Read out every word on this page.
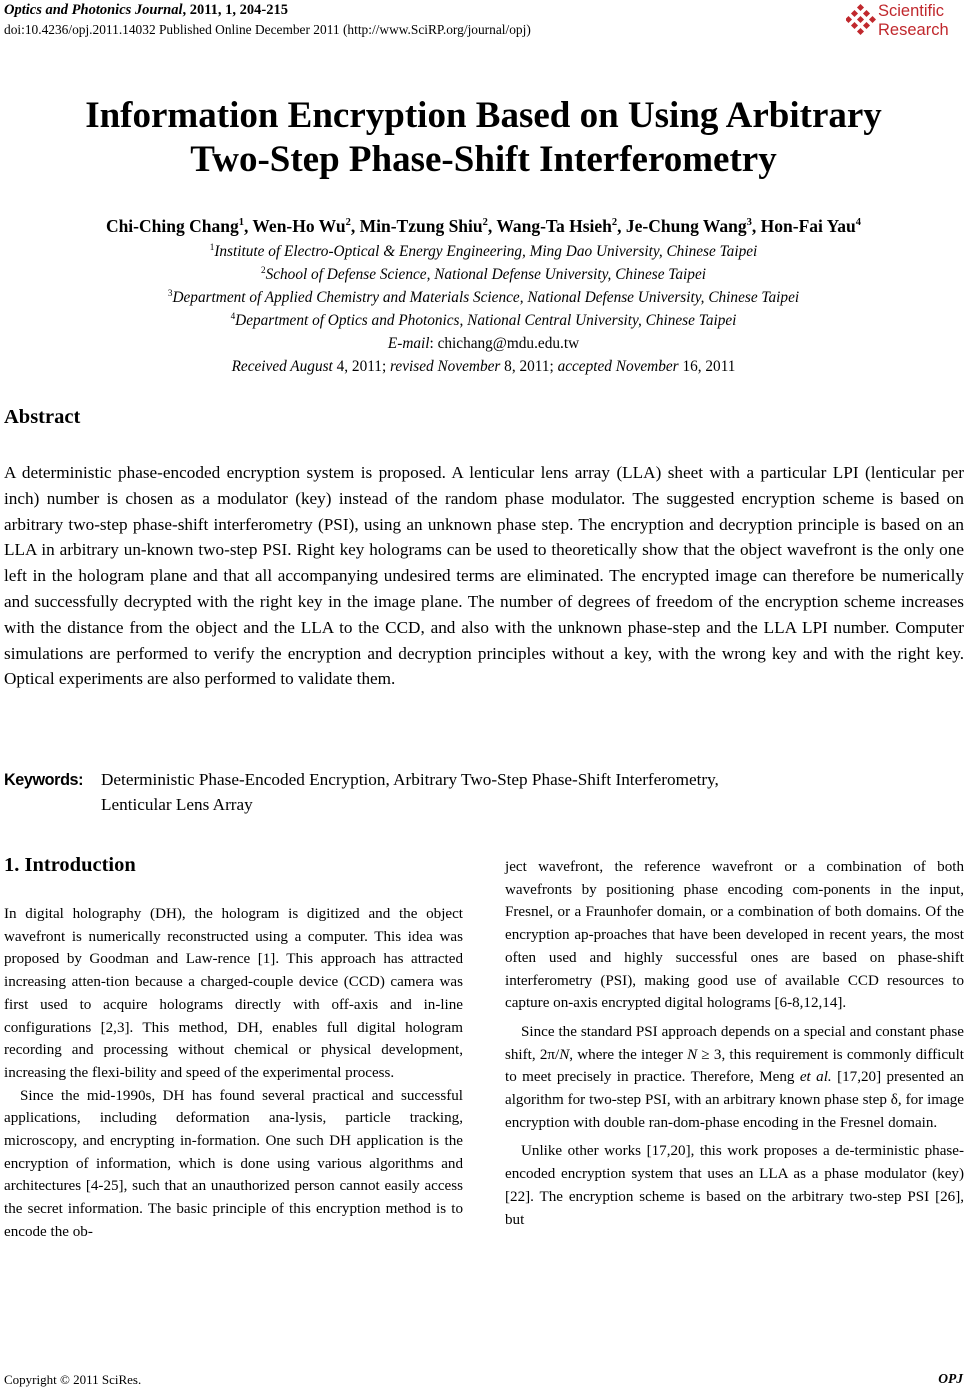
Optics and Photonics Journal, 2011, 1, 204-215
doi:10.4236/opj.2011.14032 Published Online December 2011 (http://www.SciRP.org/journal/opj)
Scientific
Research
Information Encryption Based on Using Arbitrary
Two-Step Phase-Shift Interferometry
Chi-Ching Chang$^1$, Wen-Ho Wu$^2$, Min-Tzung Shiu$^2$, Wang-Ta Hsieh$^2$, Je-Chung Wang$^3$, Hon-Fai Yau$^4$
$^1$Institute of Electro-Optical & Energy Engineering, Ming Dao University, Chinese Taipei
$^2$School of Defense Science, National Defense University, Chinese Taipei
$^3$Department of Applied Chemistry and Materials Science, National Defense University, Chinese Taipei
$^4$Department of Optics and Photonics, National Central University, Chinese Taipei
E-mail: chichang@mdu.edu.tw
Received August 4, 2011; revised November 8, 2011; accepted November 16, 2011
Abstract
A deterministic phase-encoded encryption system is proposed. A lenticular lens array (LLA) sheet with a particular LPI (lenticular per inch) number is chosen as a modulator (key) instead of the random phase modulator. The suggested encryption scheme is based on arbitrary two-step phase-shift interferometry (PSI), using an unknown phase step. The encryption and decryption principle is based on an LLA in arbitrary un-known two-step PSI. Right key holograms can be used to theoretically show that the object wavefront is the only one left in the hologram plane and that all accompanying undesired terms are eliminated. The encrypted image can therefore be numerically and successfully decrypted with the right key in the image plane. The number of degrees of freedom of the encryption scheme increases with the distance from the object and the LLA to the CCD, and also with the unknown phase-step and the LLA LPI number. Computer simulations are performed to verify the encryption and decryption principles without a key, with the wrong key and with the right key. Optical experiments are also performed to validate them.
Keywords: Deterministic Phase-Encoded Encryption, Arbitrary Two-Step Phase-Shift Interferometry,
Lenticular Lens Array
1. Introduction

In digital holography (DH), the hologram is digitized and the object wavefront is numerically reconstructed using a computer. This idea was proposed by Goodman and Law-rence [1]. This approach has attracted increasing atten-tion because a charged-couple device (CCD) camera was first used to acquire holograms directly with off-axis and in-line configurations [2,3]. This method, DH, enables full digital hologram recording and processing without chemical or physical development, increasing the flexi-bility and speed of the experimental process.

Since the mid-1990s, DH has found several practical and successful applications, including deformation ana-lysis, particle tracking, microscopy, and encrypting in-formation. One such DH application is the encryption of information, which is done using various algorithms and architectures [4-25], such that an unauthorized person cannot easily access the secret information. The basic principle of this encryption method is to encode the ob-

ject wavefront, the reference wavefront or a combination of both wavefronts by positioning phase encoding com-ponents in the input, Fresnel, or a Fraunhofer domain, or a combination of both domains. Of the encryption ap-proaches that have been developed in recent years, the most often used and highly successful ones are based on phase-shift interferometry (PSI), making good use of available CCD resources to capture on-axis encrypted digital holograms [6-8,12,14].

Since the standard PSI approach depends on a special and constant phase shift, 2π/N, where the integer N ≥ 3, this requirement is commonly difficult to meet precisely in practice. Therefore, Meng et al. [17,20] presented an algorithm for two-step PSI, with an arbitrary known phase step δ, for image encryption with double ran-dom-phase encoding in the Fresnel domain.

Unlike other works [17,20], this work proposes a de-terministic phase-encoded encryption system that uses an LLA as a phase modulator (key) [22]. The encryption scheme is based on the arbitrary two-step PSI [26], but

Copyright © 2011 SciRes.	OPJ
